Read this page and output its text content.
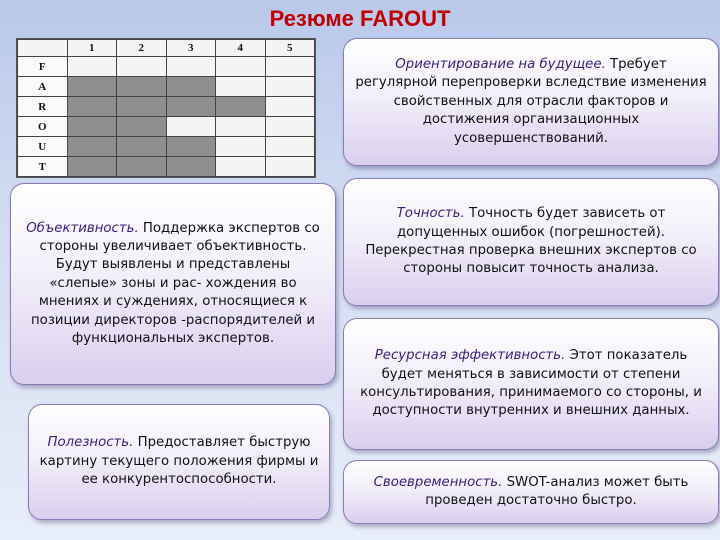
Резюме FAROUT
	1	2	3	4	5
F					
A					
R					
O					
U					
T					
Ориентирование на будущее. Требует регулярной перепроверки вследствие изменения свойственных для отрасли факторов и достижения организационных усовершенствований.
Объективность. Поддержка экспертов со стороны увеличивает объективность. Будут выявлены и представлены «слепые» зоны и рас- хождения во мнениях и суждениях, относящиеся к позиции директоров -распорядителей и функциональных экспертов.
Точность. Точность будет зависеть от допущенных ошибок (погрешностей). Перекрестная проверка внешних экспертов со стороны повысит точность анализа.
Полезность. Предоставляет быструю картину текущего положения фирмы и ее конкурентоспособности.
Ресурсная эффективность. Этот показатель будет меняться в зависимости от степени консультирования, принимаемого со стороны, и доступности внутренних и внешних данных.
Своевременность. SWOT-анализ может быть проведен достаточно быстро.
